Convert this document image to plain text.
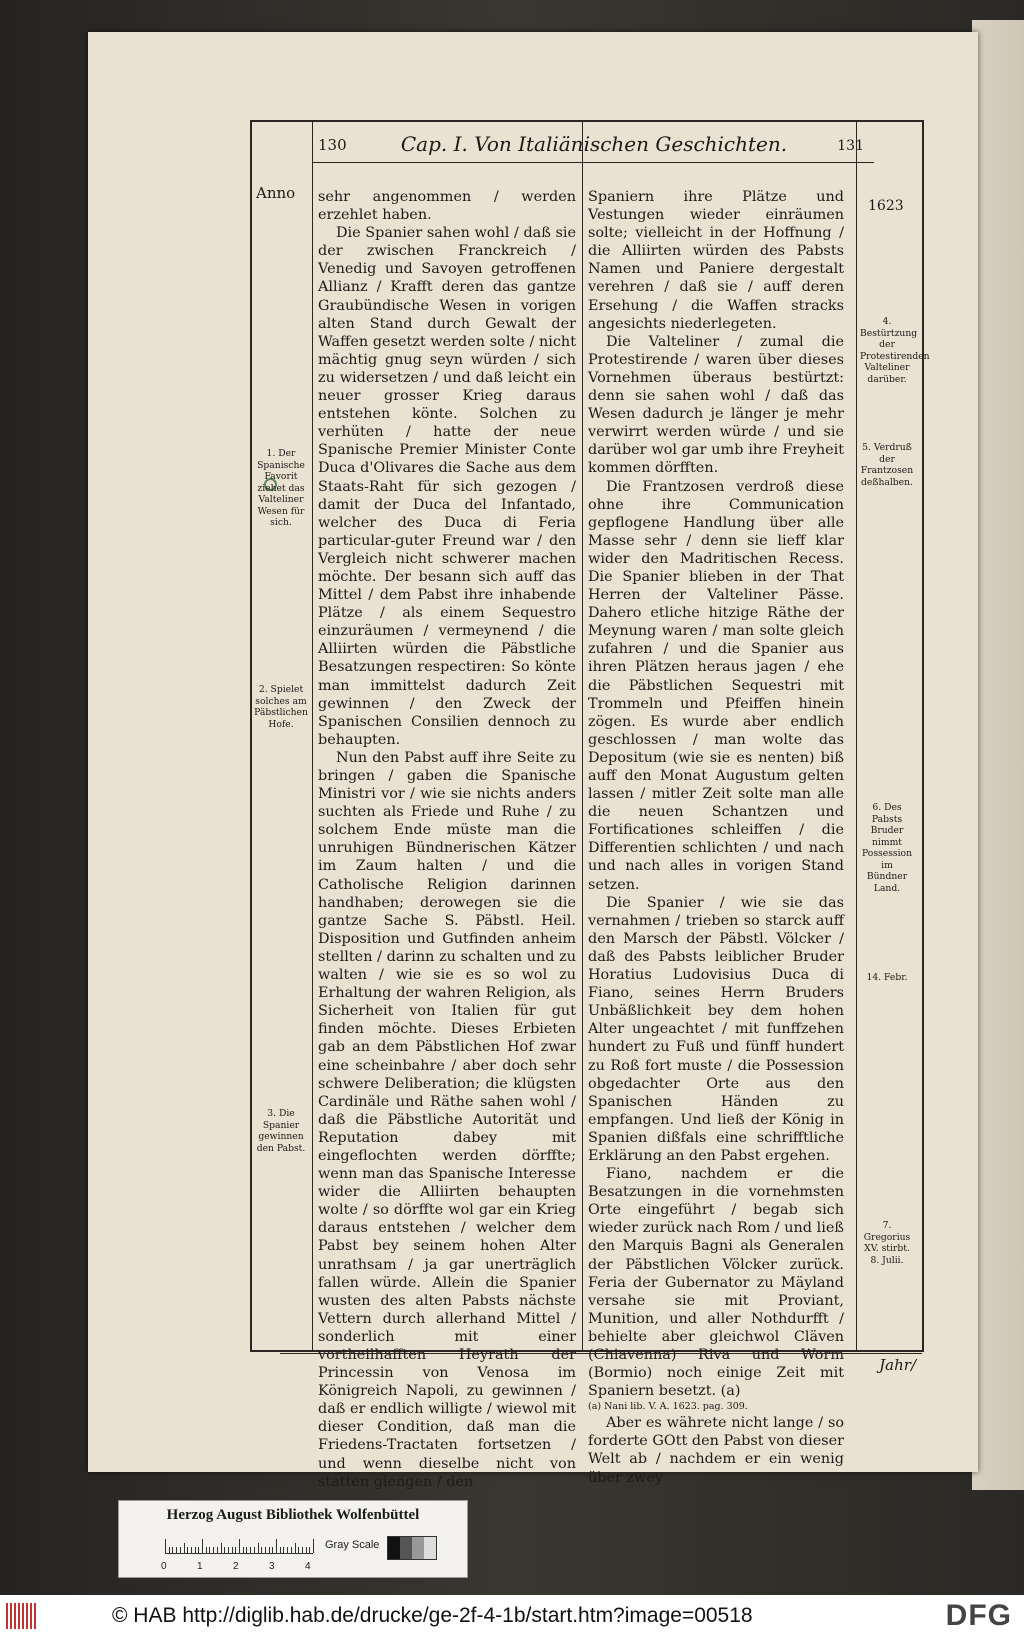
130	Cap. I. Von Italiänischen Geschichten.	131
Anno
1623
1. Der Spanische Favorit ziehet das Valteliner Wesen für sich.
2. Spielet solches am Päbstlichen Hofe.
3. Die Spanier gewinnen den Pabst.
4. Bestürtzung der Protestirenden Valteliner darüber.
5. Verdruß der Frantzosen deßhalben.
6. Des Pabsts Bruder nimmt Possession im Bündner Land.
14. Febr.
7. Gregorius XV. stirbt. 8. Julii.

sehr angenommen / werden erzehlet haben.

Die Spanier sahen wohl / daß sie der zwischen Franckreich / Venedig und Savoyen getroffenen Allianz / Krafft deren das gantze Graubündische Wesen in vorigen alten Stand durch Gewalt der Waffen gesetzt werden solte / nicht mächtig gnug seyn würden / sich zu widersetzen / und daß leicht ein neuer grosser Krieg daraus entstehen könte. Solchen zu verhüten / hatte der neue Spanische Premier Minister Conte Duca d'Olivares die Sache aus dem Staats-Raht für sich gezogen / damit der Duca del Infantado, welcher des Duca di Feria particular-guter Freund war / den Vergleich nicht schwerer machen möchte. Der besann sich auff das Mittel / dem Pabst ihre inhabende Plätze / als einem Sequestro einzuräumen / vermeynend / die Alliirten würden die Päbstliche Besatzungen respectiren: So könte man immittelst dadurch Zeit gewinnen / den Zweck der Spanischen Consilien dennoch zu behaupten.

Nun den Pabst auff ihre Seite zu bringen / gaben die Spanische Ministri vor / wie sie nichts anders suchten als Friede und Ruhe / zu solchem Ende müste man die unruhigen Bündnerischen Kätzer im Zaum halten / und die Catholische Religion darinnen handhaben; derowegen sie die gantze Sache S. Päbstl. Heil. Disposition und Gutfinden anheim stellten / darinn zu schalten und zu walten / wie sie es so wol zu Erhaltung der wahren Religion, als Sicherheit von Italien für gut finden möchte. Dieses Erbieten gab an dem Päbstlichen Hof zwar eine scheinbahre / aber doch sehr schwere Deliberation; die klügsten Cardinäle und Räthe sahen wohl / daß die Päbstliche Autorität und Reputation dabey mit eingeflochten werden dörffte; wenn man das Spanische Interesse wider die Alliirten behaupten wolte / so dörffte wol gar ein Krieg daraus entstehen / welcher dem Pabst bey seinem hohen Alter unrathsam / ja gar unerträglich fallen würde. Allein die Spanier wusten des alten Pabsts nächste Vettern durch allerhand Mittel / sonderlich mit einer vortheilhafften Heyrath der Princessin von Venosa im Königreich Napoli, zu gewinnen / daß er endlich willigte / wiewol mit dieser Condition, daß man die Friedens-Tractaten fortsetzen / und wenn dieselbe nicht von statten giengen / den

Spaniern ihre Plätze und Vestungen wieder einräumen solte; vielleicht in der Hoffnung / die Alliirten würden des Pabsts Namen und Paniere dergestalt verehren / daß sie / auff deren Ersehung / die Waffen stracks angesichts niederlegeten.

Die Valteliner / zumal die Protestirende / waren über dieses Vornehmen überaus bestürtzt: denn sie sahen wohl / daß das Wesen dadurch je länger je mehr verwirrt werden würde / und sie darüber wol gar umb ihre Freyheit kommen dörfften.

Die Frantzosen verdroß diese ohne ihre Communication gepflogene Handlung über alle Masse sehr / denn sie lieff klar wider den Madritischen Recess. Die Spanier blieben in der That Herren der Valteliner Pässe. Dahero etliche hitzige Räthe der Meynung waren / man solte gleich zufahren / und die Spanier aus ihren Plätzen heraus jagen / ehe die Päbstlichen Sequestri mit Trommeln und Pfeiffen hinein zögen. Es wurde aber endlich geschlossen / man wolte das Depositum (wie sie es nenten) biß auff den Monat Augustum gelten lassen / mitler Zeit solte man alle die neuen Schantzen und Fortificationes schleiffen / die Differentien schlichten / und nach und nach alles in vorigen Stand setzen.

Die Spanier / wie sie das vernahmen / trieben so starck auff den Marsch der Päbstl. Völcker / daß des Pabsts leiblicher Bruder Horatius Ludovisius Duca di Fiano, seines Herrn Bruders Unbäßlichkeit bey dem hohen Alter ungeachtet / mit funffzehen hundert zu Fuß und fünff hundert zu Roß fort muste / die Possession obgedachter Orte aus den Spanischen Händen zu empfangen. Und ließ der König in Spanien dißfals eine schrifftliche Erklärung an den Pabst ergehen.

Fiano, nachdem er die Besatzungen in die vornehmsten Orte eingeführt / begab sich wieder zurück nach Rom / und ließ den Marquis Bagni als Generalen der Päbstlichen Völcker zurück. Feria der Gubernator zu Mäyland versahe sie mit Proviant, Munition, und aller Nothdurfft / behielte aber gleichwol Cläven (Chiavenna) Riva und Worm (Bormio) noch einige Zeit mit Spaniern besetzt. (a)

(a) Nani lib. V. A. 1623. pag. 309.

Aber es währete nicht lange / so forderte GOtt den Pabst von dieser Welt ab / nachdem er ein wenig über zwey

Jahr/
Herzog August Bibliothek Wolfenbüttel
0	1	2	3	4
Gray Scale
© HAB http://diglib.hab.de/drucke/ge-2f-4-1b/start.htm?image=00518	DFG
